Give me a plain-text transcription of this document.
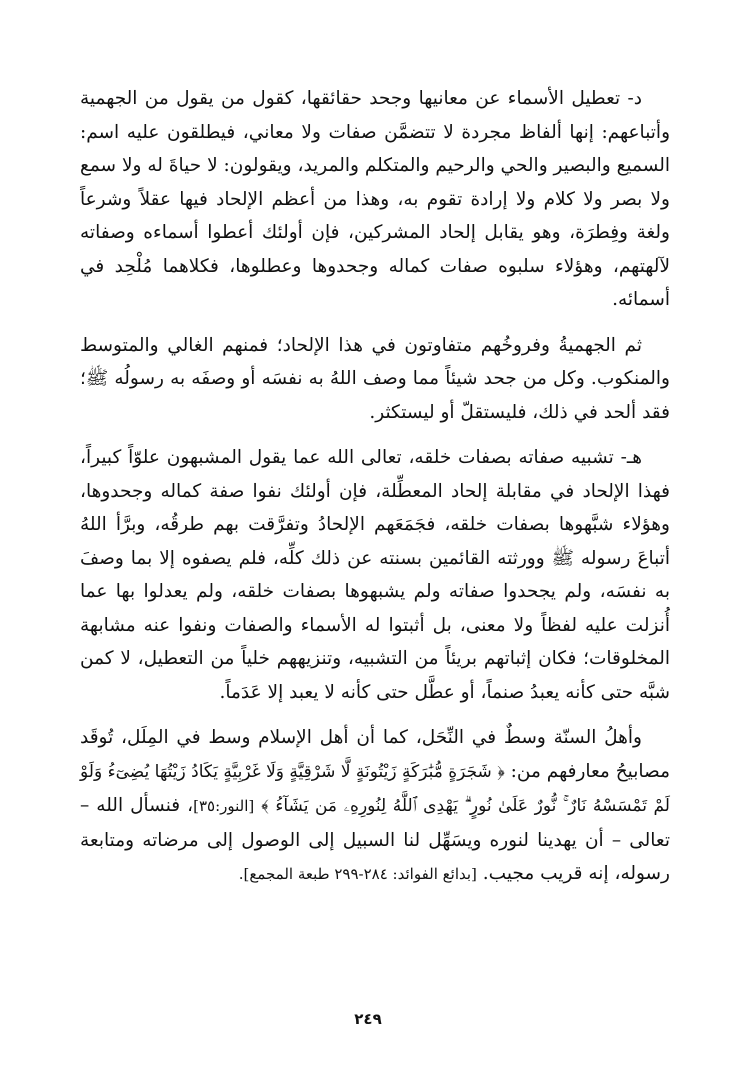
د- تعطيل الأسماء عن معانيها وجحد حقائقها، كقول من يقول من الجهمية وأتباعهم: إنها ألفاظ مجردة لا تتضمَّن صفات ولا معاني، فيطلقون عليه اسم: السميع والبصير والحي والرحيم والمتكلم والمريد، ويقولون: لا حياةَ له ولا سمع ولا بصر ولا كلام ولا إرادة تقوم به، وهذا من أعظم الإلحاد فيها عقلاً وشرعاً ولغة وفِطرَة، وهو يقابل إلحاد المشركين، فإن أولئك أعطوا أسماءه وصفاته لآلهتهم، وهؤلاء سلبوه صفات كماله وجحدوها وعطلوها، فكلاهما مُلْحِد في أسمائه.

ثم الجهميةُ وفروخُهم متفاوتون في هذا الإلحاد؛ فمنهم الغالي والمتوسط والمنكوب. وكل من جحد شيئاً مما وصف اللهُ به نفسَه أو وصفَه به رسولُه ﷺ؛ فقد ألحد في ذلك، فليستقلّ أو ليستكثر.

هـ- تشبيه صفاته بصفات خلقه، تعالى الله عما يقول المشبهون علوّاً كبيراً، فهذا الإلحاد في مقابلة إلحاد المعطِّلة، فإن أولئك نفوا صفة كماله وجحدوها، وهؤلاء شبَّهوها بصفات خلقه، فجَمَعَهم الإلحادُ وتفرَّقت بهم طرقُه، وبرَّأ اللهُ أتباعَ رسوله ﷺ وورثته القائمين بسنته عن ذلك كلِّه، فلم يصفوه إلا بما وصفَ به نفسَه، ولم يجحدوا صفاته ولم يشبهوها بصفات خلقه، ولم يعدلوا بها عما أُنزلت عليه لفظاً ولا معنى، بل أثبتوا له الأسماء والصفات ونفوا عنه مشابهة المخلوقات؛ فكان إثباتهم بريئاً من التشبيه، وتنزيههم خلياً من التعطيل، لا كمن شبَّه حتى كأنه يعبدُ صنماً، أو عطَّل حتى كأنه لا يعبد إلا عَدَماً.

وأهلُ السنّة وسطٌ في النِّحَل، كما أن أهل الإسلام وسط في المِلَل، تُوقَد مصابيحُ معارفهم من: ﴿ شَجَرَةٍ مُّبَٰرَكَةٍ زَيْتُونَةٍ لَّا شَرْقِيَّةٍ وَلَا غَرْبِيَّةٍ يَكَادُ زَيْتُهَا يُضِىٓءُ وَلَوْ لَمْ تَمْسَسْهُ نَارٌ ۚ نُّورٌ عَلَىٰ نُورٍ ۗ يَهْدِى ٱللَّهُ لِنُورِهِۦ مَن يَشَآءُ ﴾ [النور:٣٥]، فنسأل الله – تعالى – أن يهدينا لنوره ويسَهِّل لنا السبيل إلى الوصول إلى مرضاته ومتابعة رسوله، إنه قريب مجيب. [بدائع الفوائد: ٢٨٤-٢٩٩ طبعة المجمع].

٢٤٩
